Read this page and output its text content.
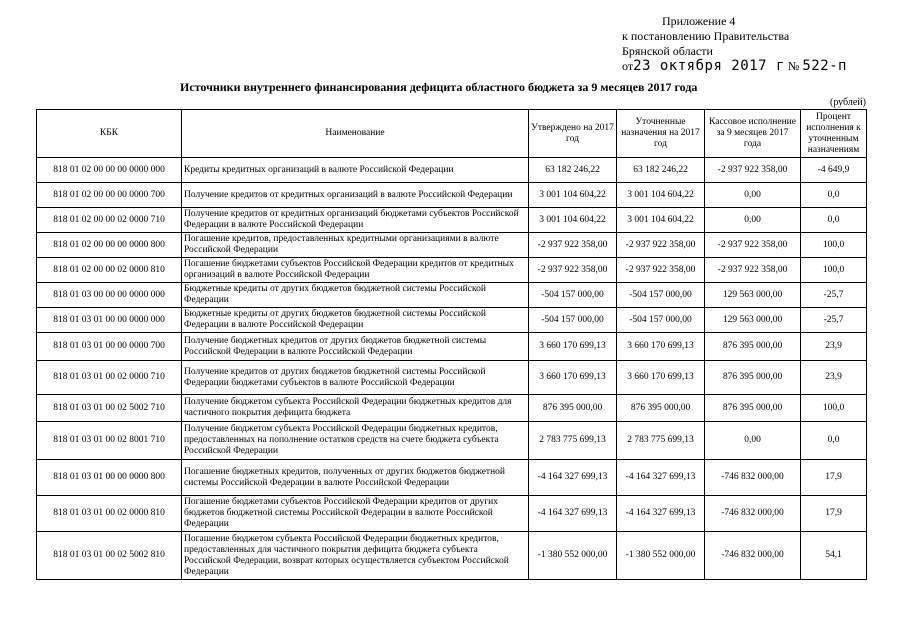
Приложение 4
к постановлению Правительства
Брянской области
от23 октября 2017 г № 522-п
Источники внутреннего финансирования дефицита областного бюджета за 9 месяцев 2017 года
(рублей)
КБК	Наименование	Утверждено на 2017 год	Уточненные назначения на 2017 год	Кассовое исполнение за 9 месяцев 2017 года	Процент исполнения к уточненным назначениям
818 01 02 00 00 00 0000 000	Кредиты кредитных организаций в валюте Российской Федерации	63 182 246,22	63 182 246,22	-2 937 922 358,00	-4 649,9
818 01 02 00 00 00 0000 700	Получение кредитов от кредитных организаций в валюте Российской Федерации	3 001 104 604,22	3 001 104 604,22	0,00	0,0
818 01 02 00 00 02 0000 710	Получение кредитов от кредитных организаций бюджетами субъектов Российской Федерации в валюте Российской Федерации	3 001 104 604,22	3 001 104 604,22	0,00	0,0
818 01 02 00 00 00 0000 800	Погашение кредитов, предоставленных кредитными организациями в валюте Российской Федерации	-2 937 922 358,00	-2 937 922 358,00	-2 937 922 358,00	100,0
818 01 02 00 00 02 0000 810	Погашение бюджетами субъектов Российской Федерации кредитов от кредитных организаций в валюте Российской Федерации	-2 937 922 358,00	-2 937 922 358,00	-2 937 922 358,00	100,0
818 01 03 00 00 00 0000 000	Бюджетные кредиты от других бюджетов бюджетной системы Российской Федерации	-504 157 000,00	-504 157 000,00	129 563 000,00	-25,7
818 01 03 01 00 00 0000 000	Бюджетные кредиты от других бюджетов бюджетной системы Российской Федерации в валюте Российской Федерации	-504 157 000,00	-504 157 000,00	129 563 000,00	-25,7
818 01 03 01 00 00 0000 700	Получение бюджетных кредитов от других бюджетов бюджетной системы Российской Федерации в валюте Российской Федерации	3 660 170 699,13	3 660 170 699,13	876 395 000,00	23,9
818 01 03 01 00 02 0000 710	Получение кредитов от других бюджетов бюджетной системы Российской Федерации бюджетами субъектов в валюте Российской Федерации	3 660 170 699,13	3 660 170 699,13	876 395 000,00	23,9
818 01 03 01 00 02 5002 710	Получение бюджетом субъекта Российской Федерации бюджетных кредитов для частичного покрытия дефицита бюджета	876 395 000,00	876 395 000,00	876 395 000,00	100,0
818 01 03 01 00 02 8001 710	Получение бюджетом субъекта Российской Федерации бюджетных кредитов, предоставленных на пополнение остатков средств на счете бюджета субъекта Российской Федерации	2 783 775 699,13	2 783 775 699,13	0,00	0,0
818 01 03 01 00 00 0000 800	Погашение бюджетных кредитов, полученных от других бюджетов бюджетной системы Российской Федерации в валюте Российской Федерации	-4 164 327 699,13	-4 164 327 699,13	-746 832 000,00	17,9
818 01 03 01 00 02 0000 810	Погашение бюджетами субъектов Российской Федерации кредитов от других бюджетов бюджетной системы Российской Федерации в валюте Российской Федерации	-4 164 327 699,13	-4 164 327 699,13	-746 832 000,00	17,9
818 01 03 01 00 02 5002 810	Погашение бюджетом субъекта Российской Федерации бюджетных кредитов, предоставленных для частичного покрытия дефицита бюджета субъекта Российской Федерации, возврат которых осуществляется субъектом Российской Федерации	-1 380 552 000,00	-1 380 552 000,00	-746 832 000,00	54,1
